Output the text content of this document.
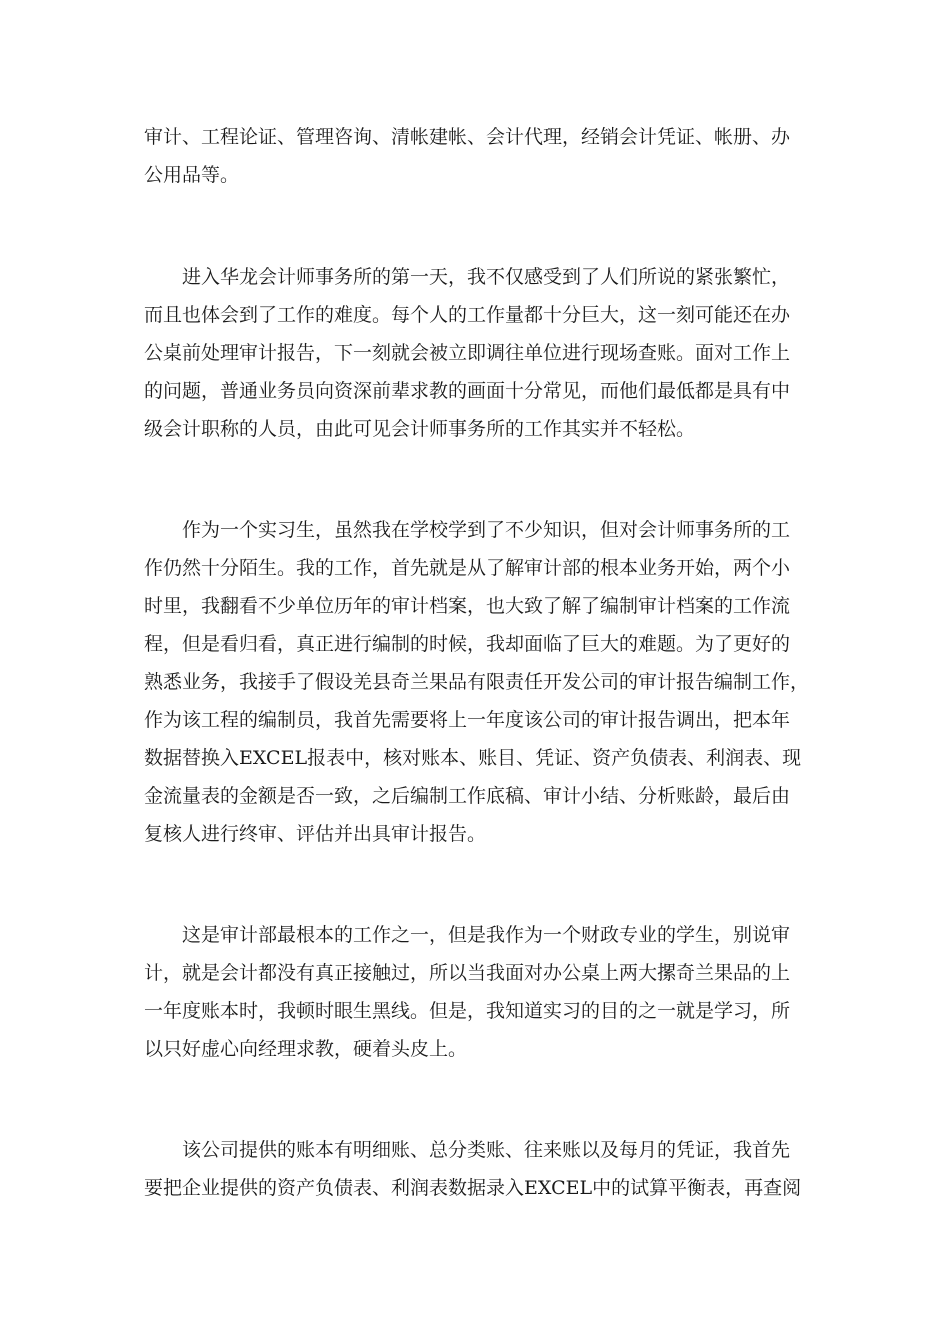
审计、工程论证、管理咨询、清帐建帐、会计代理，经销会计凭证、帐册、办
公用品等。
进入华龙会计师事务所的第一天，我不仅感受到了人们所说的紧张繁忙，
而且也体会到了工作的难度。每个人的工作量都十分巨大，这一刻可能还在办
公桌前处理审计报告，下一刻就会被立即调往单位进行现场查账。面对工作上
的问题，普通业务员向资深前辈求教的画面十分常见，而他们最低都是具有中
级会计职称的人员，由此可见会计师事务所的工作其实并不轻松。
作为一个实习生，虽然我在学校学到了不少知识，但对会计师事务所的工
作仍然十分陌生。我的工作，首先就是从了解审计部的根本业务开始，两个小
时里，我翻看不少单位历年的审计档案，也大致了解了编制审计档案的工作流
程，但是看归看，真正进行编制的时候，我却面临了巨大的难题。为了更好的
熟悉业务，我接手了假设羌县奇兰果品有限责任开发公司的审计报告编制工作，
作为该工程的编制员，我首先需要将上一年度该公司的审计报告调出，把本年
数据替换入EXCEL报表中，核对账本、账目、凭证、资产负债表、利润表、现
金流量表的金额是否一致，之后编制工作底稿、审计小结、分析账龄，最后由
复核人进行终审、评估并出具审计报告。
这是审计部最根本的工作之一，但是我作为一个财政专业的学生，别说审
计，就是会计都没有真正接触过，所以当我面对办公桌上两大摞奇兰果品的上
一年度账本时，我顿时眼生黑线。但是，我知道实习的目的之一就是学习，所
以只好虚心向经理求教，硬着头皮上。
该公司提供的账本有明细账、总分类账、往来账以及每月的凭证，我首先
要把企业提供的资产负债表、利润表数据录入EXCEL中的试算平衡表，再查阅
